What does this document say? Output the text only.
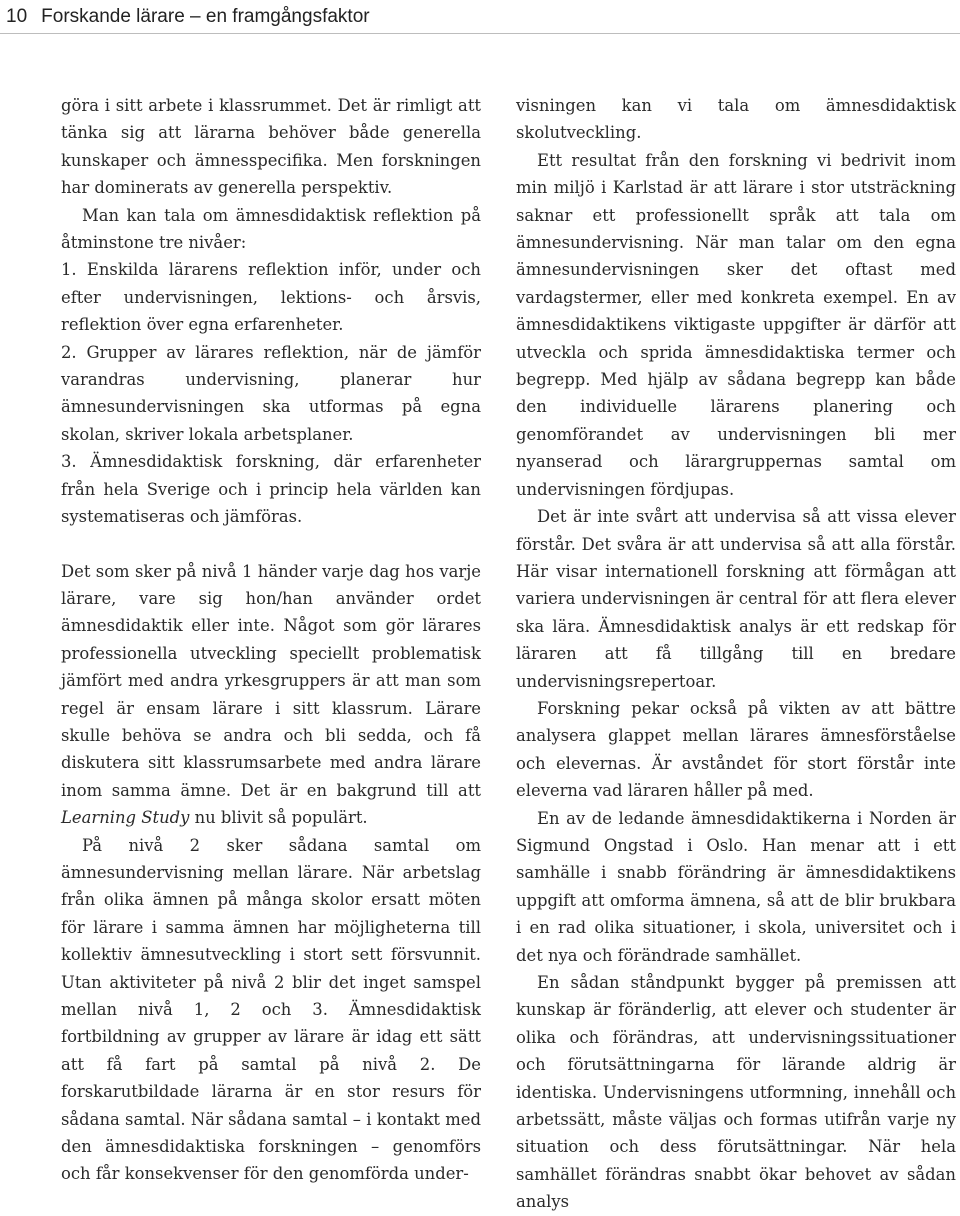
10 Forskande lärare – en framgångsfaktor

göra i sitt arbete i klassrummet. Det är rimligt att tänka sig att lärarna behöver både generella kunskaper och ämnesspecifika. Men forskningen har dominerats av generella perspektiv.

Man kan tala om ämnesdidaktisk reflektion på åtminstone tre nivåer:

1. Enskilda lärarens reflektion inför, under och efter undervisningen, lektions- och årsvis, reflektion över egna erfarenheter.

2. Grupper av lärares reflektion, när de jämför varandras undervisning, planerar hur ämnesundervisningen ska utformas på egna skolan, skriver lokala arbetsplaner.

3. Ämnesdidaktisk forskning, där erfarenheter från hela Sverige och i princip hela världen kan systematiseras och jämföras.

Det som sker på nivå 1 händer varje dag hos varje lärare, vare sig hon/han använder ordet ämnesdidaktik eller inte. Något som gör lärares professionella utveckling speciellt problematisk jämfört med andra yrkesgruppers är att man som regel är ensam lärare i sitt klassrum. Lärare skulle behöva se andra och bli sedda, och få diskutera sitt klassrumsarbete med andra lärare inom samma ämne. Det är en bakgrund till att Learning Study nu blivit så populärt.

På nivå 2 sker sådana samtal om ämnesundervisning mellan lärare. När arbetslag från olika ämnen på många skolor ersatt möten för lärare i samma ämnen har möjligheterna till kollektiv ämnesutveckling i stort sett försvunnit. Utan aktiviteter på nivå 2 blir det inget samspel mellan nivå 1, 2 och 3. Ämnesdidaktisk fortbildning av grupper av lärare är idag ett sätt att få fart på samtal på nivå 2. De forskarutbildade lärarna är en stor resurs för sådana samtal. När sådana samtal – i kontakt med den ämnesdidaktiska forskningen – genomförs och får konsekvenser för den genomförda under-

visningen kan vi tala om ämnesdidaktisk skolutveckling.

Ett resultat från den forskning vi bedrivit inom min miljö i Karlstad är att lärare i stor utsträckning saknar ett professionellt språk att tala om ämnesundervisning. När man talar om den egna ämnesundervisningen sker det oftast med vardagstermer, eller med konkreta exempel. En av ämnesdidaktikens viktigaste uppgifter är därför att utveckla och sprida ämnesdidaktiska termer och begrepp. Med hjälp av sådana begrepp kan både den individuelle lärarens planering och genomförandet av undervisningen bli mer nyanserad och lärargruppernas samtal om undervisningen fördjupas.

Det är inte svårt att undervisa så att vissa elever förstår. Det svåra är att undervisa så att alla förstår. Här visar internationell forskning att förmågan att variera undervisningen är central för att flera elever ska lära. Ämnesdidaktisk analys är ett redskap för läraren att få tillgång till en bredare undervisningsrepertoar.

Forskning pekar också på vikten av att bättre analysera glappet mellan lärares ämnesförståelse och elevernas. Är avståndet för stort förstår inte eleverna vad läraren håller på med.

En av de ledande ämnesdidaktikerna i Norden är Sigmund Ongstad i Oslo. Han menar att i ett samhälle i snabb förändring är ämnesdidaktikens uppgift att omforma ämnena, så att de blir brukbara i en rad olika situationer, i skola, universitet och i det nya och förändrade samhället.

En sådan ståndpunkt bygger på premissen att kunskap är föränderlig, att elever och studenter är olika och förändras, att undervisningssituationer och förutsättningarna för lärande aldrig är identiska. Undervisningens utformning, innehåll och arbetssätt, måste väljas och formas utifrån varje ny situation och dess förutsättningar. När hela samhället förändras snabbt ökar behovet av sådan analys
